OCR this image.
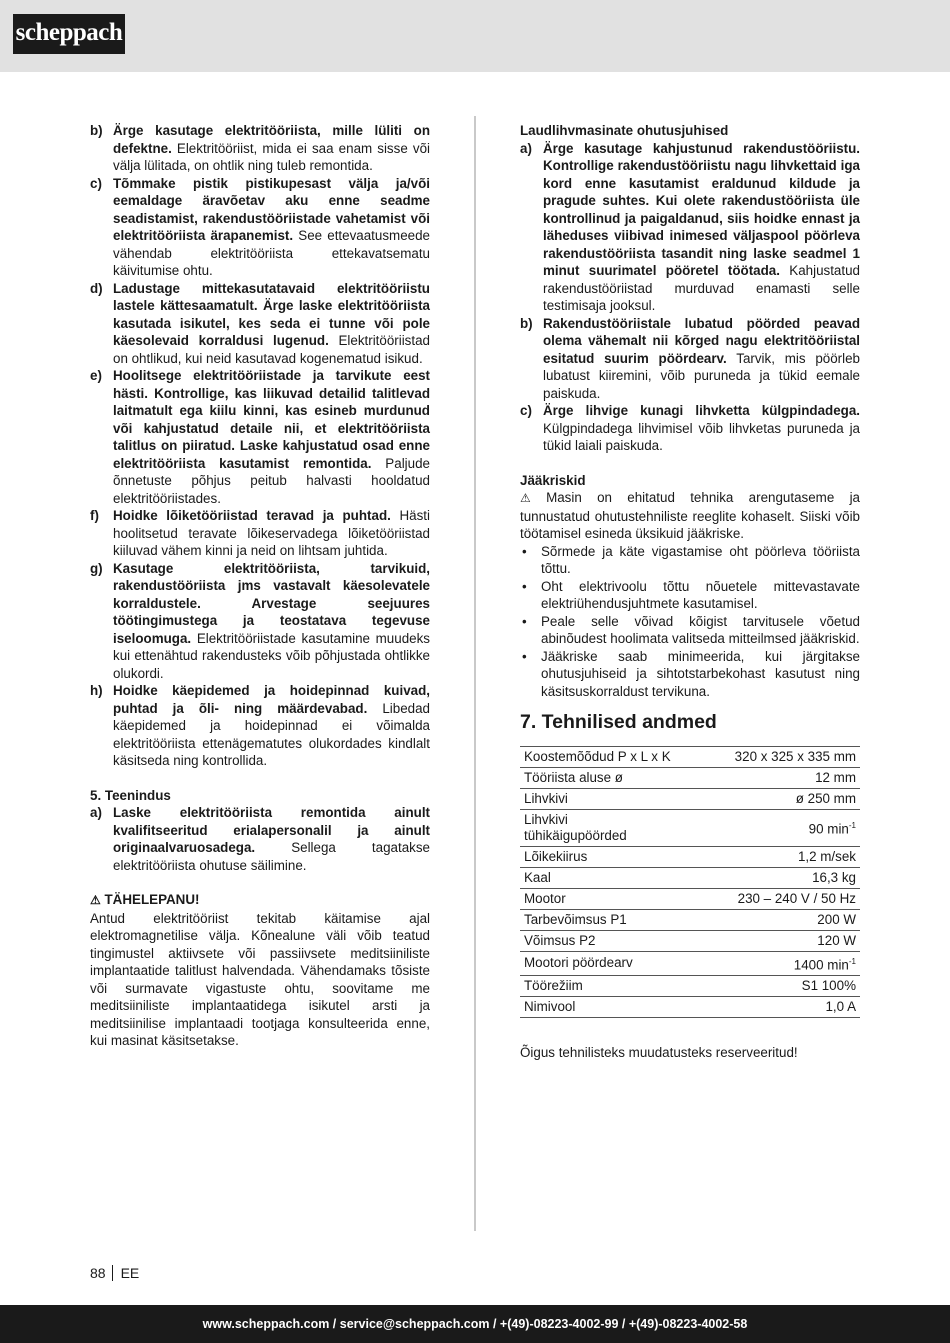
scheppach
b) Ärge kasutage elektritööriista, mille lüliti on defektne. Elektritööriist, mida ei saa enam sisse või välja lülitada, on ohtlik ning tuleb remontida.
c) Tõmmake pistik pistikupesast välja ja/või eemaldage äravõetav aku enne seadme seadistamist, rakendustööriistade vahetamist või elektritööriista ärapanemist. See ettevaatusmeede vähendab elektritööriista ettekavatsematu käivitumise ohtu.
d) Ladustage mittekasutatavaid elektritööriistu lastele kättesaamatult. Ärge laske elektritööriista kasutada isikutel, kes seda ei tunne või pole käesolevaid korraldusi lugenud. Elektritööriistad on ohtlikud, kui neid kasutavad kogenematud isikud.
e) Hoolitsege elektritööriistade ja tarvikute eest hästi. Kontrollige, kas liikuvad detailid talitlevad laitmatult ega kiilu kinni, kas esineb murdunud või kahjustatud detaile nii, et elektritööriista talitlus on piiratud. Laske kahjustatud osad enne elektritööriista kasutamist remontida. Paljude õnnetuste põhjus peitub halvasti hooldatud elektritööriistades.
f) Hoidke lõiketööriistad teravad ja puhtad. Hästi hoolitsetud teravate lõikeservadega lõiketööriistad kiiluvad vähem kinni ja neid on lihtsam juhtida.
g) Kasutage elektritööriista, tarvikuid, rakendustööriista jms vastavalt käesolevatele korraldustele. Arvestage seejuures töötingimustega ja teostatava tegevuse iseloomuga. Elektritööriistade kasutamine muudeks kui ettenähtud rakendusteks võib põhjustada ohtlikke olukordi.
h) Hoidke käepidemed ja hoidepinnad kuivad, puhtad ja õli- ning määrdevabad. Libedad käepidemed ja hoidepinnad ei võimalda elektritööriista ettenägematutes olukordades kindlalt käsitseda ning kontrollida.
5. Teenindus
a) Laske elektritööriista remontida ainult kvalifitseeritud erialapersonalil ja ainult originaalvaruosadega. Sellega tagatakse elektritööriista ohutuse säilimine.
⚠ TÄHELEPANU!
Antud elektritööriist tekitab käitamise ajal elektromagnetilise välja. Kõnealune väli võib teatud tingimustel aktiivsete või passiivsete meditsiiniliste implantaatide talitlust halvendada. Vähendamaks tõsiste või surmavate vigastuste ohtu, soovitame me meditsiiniliste implantaatidega isikutel arsti ja meditsiinilise implantaadi tootjaga konsulteerida enne, kui masinat käsitsetakse.
Laudlihvmasinate ohutusjuhised
a) Ärge kasutage kahjustunud rakendustööriistu. Kontrollige rakendustööriistu nagu lihvkettaid iga kord enne kasutamist eraldunud kildude ja pragude suhtes. Kui olete rakendustööriista üle kontrollinud ja paigaldanud, siis hoidke ennast ja läheduses viibivad inimesed väljaspool pöörleva rakendustööriista tasandit ning laske seadmel 1 minut suurimatel pööretel töötada. Kahjustatud rakendustööriistad murduvad enamasti selle testimisaja jooksul.
b) Rakendustööriistale lubatud pöörded peavad olema vähemalt nii kõrged nagu elektritööriistal esitatud suurim pöördearv. Tarvik, mis pöörleb lubatust kiiremini, võib puruneda ja tükid eemale paiskuda.
c) Ärge lihvige kunagi lihvketta külgpindadega. Külgpindadega lihvimisel võib lihvketas puruneda ja tükid laiali paiskuda.
Jääkriskid
⚠ Masin on ehitatud tehnika arengutaseme ja tunnustatud ohutustehniliste reeglite kohaselt. Siiski võib töötamisel esineda üksikuid jääkriske.
• Sõrmede ja käte vigastamise oht pöörleva tööriista tõttu.
• Oht elektrivoolu tõttu nõuetele mittevastavate elektriühendusjuhtmete kasutamisel.
• Peale selle võivad kõigist tarvitusele võetud abinõudest hoolimata valitseda mitteilmsed jääkriskid.
• Jääkriske saab minimeerida, kui järgitakse ohutusjuhiseid ja sihtotstarbekohast kasutust ning käsitsuskorraldust tervikuna.
7. Tehnilised andmed
Koostemõõdud P x L x K	320 x 325 x 335 mm
Tööriista aluse ø	12 mm
Lihvkivi	ø 250 mm
Lihvkivi tühikäigupöörded	90 $\min^{-1}$
Lõikekiirus	1,2 m/sek
Kaal	16,3 kg
Mootor	230 – 240 V / 50 Hz
Tarbevõimsus P1	200 W
Võimsus P2	120 W
Mootori pöördearv	1400 $\min^{-1}$
Töörežiim	S1 100%
Nimivool	1,0 A
Õigus tehnilisteks muudatusteks reserveeritud!
88 EE
www.scheppach.com / service@scheppach.com / +(49)-08223-4002-99 / +(49)-08223-4002-58
